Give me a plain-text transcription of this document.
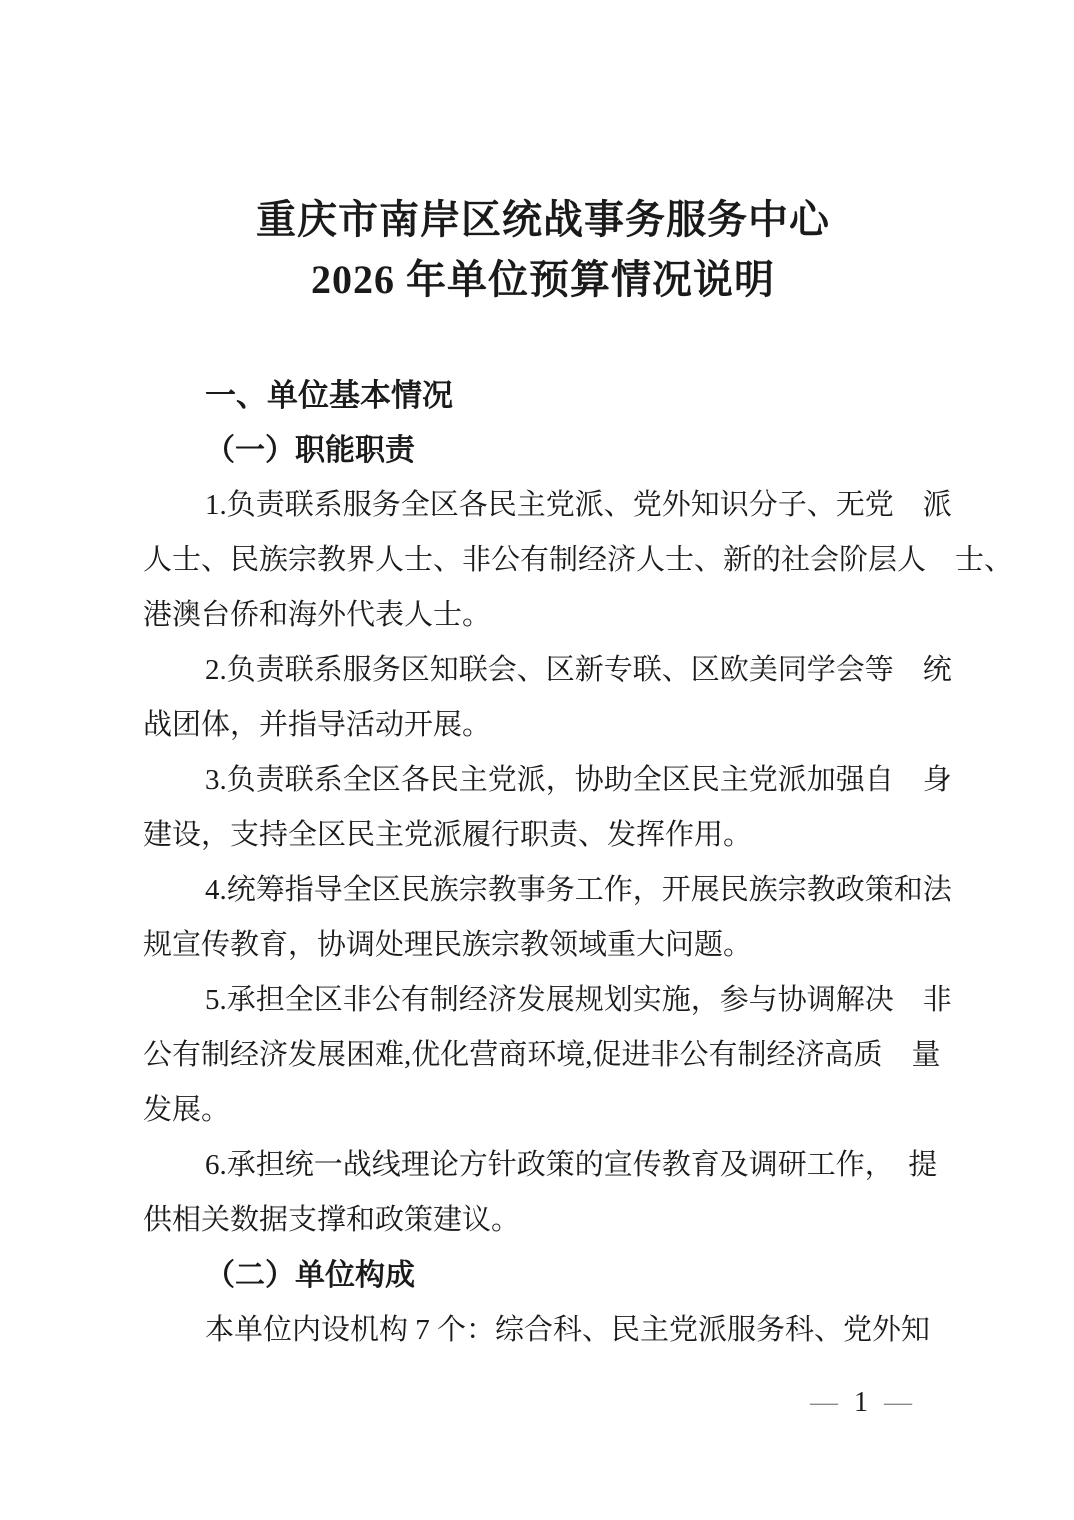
重庆市南岸区统战事务服务中心
2026 年单位预算情况说明
一、单位基本情况
（一）职能职责
1.负责联系服务全区各民主党派、党外知识分子、无党　派
人士、民族宗教界人士、非公有制经济人士、新的社会阶层人　士、
港澳台侨和海外代表人士。
2.负责联系服务区知联会、区新专联、区欧美同学会等　统
战团体，并指导活动开展。
3.负责联系全区各民主党派，协助全区民主党派加强自　身
建设，支持全区民主党派履行职责、发挥作用。
4.统筹指导全区民族宗教事务工作，开展民族宗教政策和法
规宣传教育，协调处理民族宗教领域重大问题。
5.承担全区非公有制经济发展规划实施，参与协调解决　非
公有制经济发展困难,优化营商环境,促进非公有制经济高质　量
发展。
6.承担统一战线理论方针政策的宣传教育及调研工作，　提
供相关数据支撑和政策建议。
（二）单位构成
本单位内设机构 7 个：综合科、民主党派服务科、党外知
— 1 —
